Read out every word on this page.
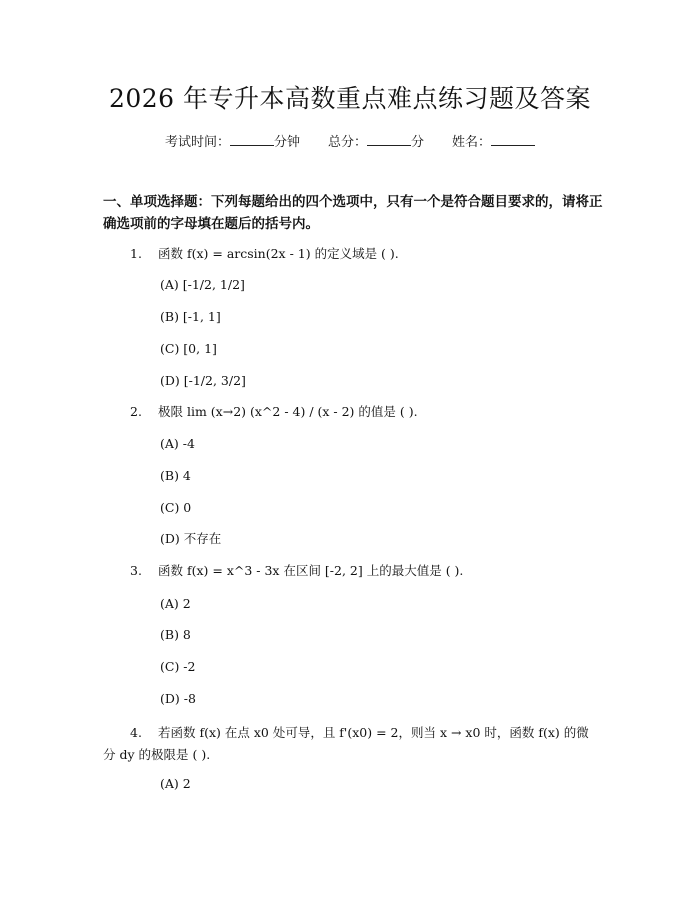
2026 年专升本高数重点难点练习题及答案
考试时间：	分钟 总分：	分 姓名：
一、单项选择题：下列每题给出的四个选项中，只有一个是符合题目要求的，请将正确选项前的字母填在题后的括号内。
1. 函数 f(x) = arcsin(2x - 1) 的定义域是 ( ).
(A) [-1/2, 1/2]
(B) [-1, 1]
(C) [0, 1]
(D) [-1/2, 3/2]
2. 极限 lim (x→2) (x^2 - 4) / (x - 2) 的值是 ( ).
(A) -4
(B) 4
(C) 0
(D) 不存在
3. 函数 f(x) = x^3 - 3x 在区间 [-2, 2] 上的最大值是 ( ).
(A) 2
(B) 8
(C) -2
(D) -8
4. 若函数 f(x) 在点 x0 处可导，且 f'(x0) = 2，则当 x → x0 时，函数 f(x) 的微分 dy 的极限是 ( ).
(A) 2
